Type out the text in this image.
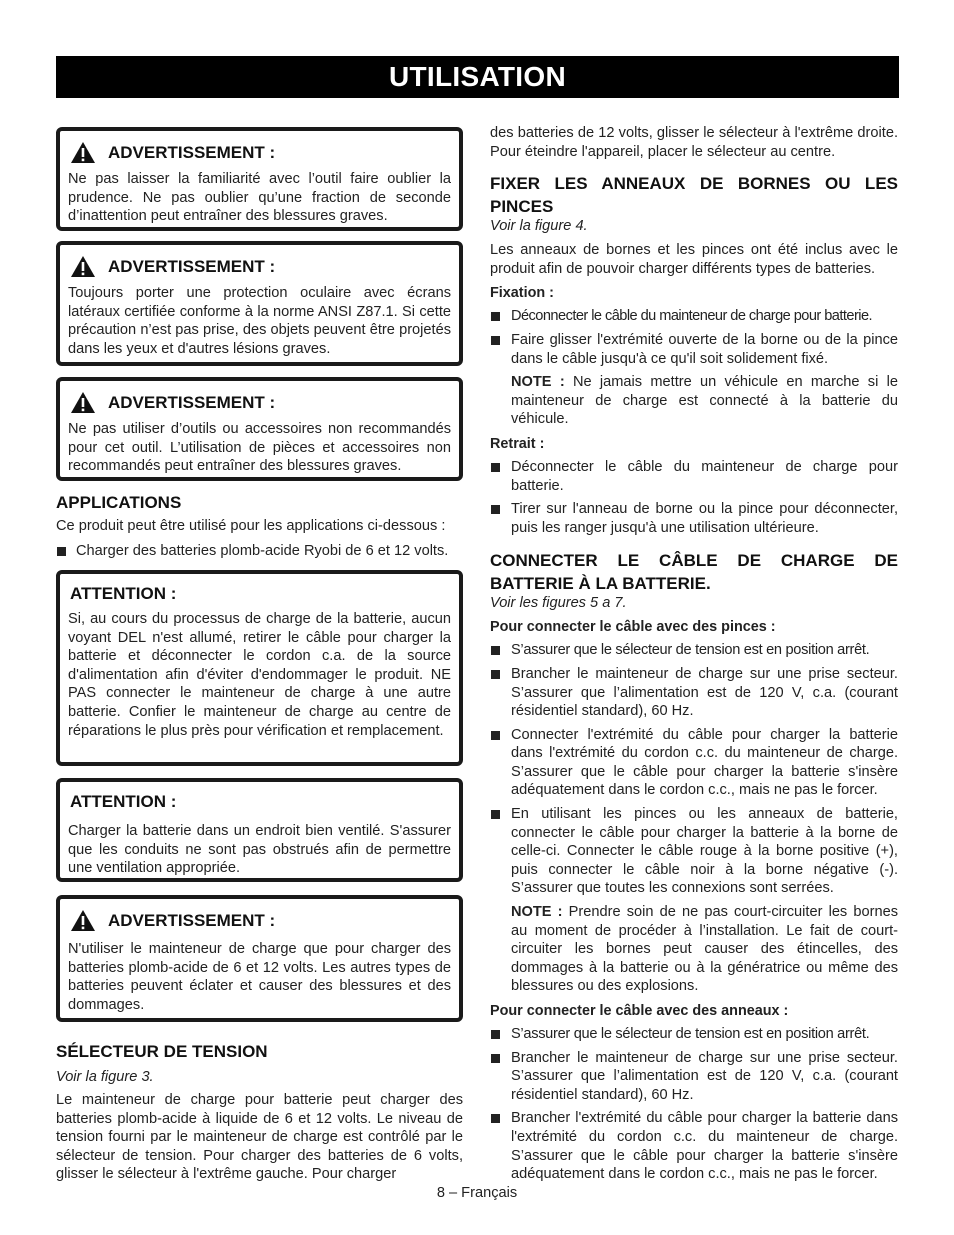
UTILISATION
ADVERTISSEMENT :
Ne pas laisser la familiarité avec l’outil faire oublier la prudence. Ne pas oublier qu’une fraction de seconde d’inattention peut entraîner des blessures graves.
ADVERTISSEMENT :
Toujours porter une protection oculaire avec écrans latéraux certifiée conforme à la norme ANSI Z87.1. Si cette précaution n’est pas prise, des objets peuvent être projetés dans les yeux et d'autres lésions graves.
ADVERTISSEMENT :
Ne pas utiliser d’outils ou accessoires non recommandés pour cet outil. L’utilisation de pièces et accessoires non recommandés peut entraîner des blessures graves.
APPLICATIONS
Ce produit peut être utilisé pour les applications ci-dessous :
Charger des batteries plomb-acide Ryobi de 6 et 12 volts.
ATTENTION :
Si, au cours du processus de charge de la batterie, aucun voyant DEL n'est allumé, retirer le câble pour charger la batterie et déconnecter le cordon c.a. de la source d'alimentation afin d'éviter d'endommager le produit. NE PAS connecter le mainteneur de charge à une autre batterie. Confier le mainteneur de charge au centre de réparations le plus près pour vérification et remplacement.
ATTENTION :
Charger la batterie dans un endroit bien ventilé. S'assurer que les conduits ne sont pas obstrués afin de permettre une ventilation appropriée.
ADVERTISSEMENT :
N'utiliser le mainteneur de charge que pour charger des batteries plomb-acide de 6 et 12 volts. Les autres types de batteries peuvent éclater et causer des blessures et des dommages.
SÉLECTEUR DE TENSION
Voir la figure 3.
Le mainteneur de charge pour batterie peut charger des batteries plomb-acide à liquide de 6 et 12 volts. Le niveau de tension fourni par le mainteneur de charge est contrôlé par le sélecteur de tension. Pour charger des batteries de 6 volts, glisser le sélecteur à l'extrême gauche. Pour charger
des batteries de 12 volts, glisser le sélecteur à l'extrême droite. Pour éteindre l'appareil, placer le sélecteur au centre.
FIXER LES ANNEAUX DE BORNES OU LES
PINCES
Voir la figure 4.
Les anneaux de bornes et les pinces ont été inclus avec le produit afin de pouvoir charger différents types de batteries.
Fixation :
Déconnecter le câble du mainteneur de charge pour batterie.
Faire glisser l'extrémité ouverte de la borne ou de la pince dans le câble jusqu'à ce qu'il soit solidement fixé.
NOTE : Ne jamais mettre un véhicule en marche si le mainteneur de charge est connecté à la batterie du véhicule.
Retrait :
Déconnecter le câble du mainteneur de charge pour batterie.
Tirer sur l'anneau de borne ou la pince pour déconnecter, puis les ranger jusqu'à une utilisation ultérieure.
CONNECTER LE CÂBLE DE CHARGE DE
BATTERIE À LA BATTERIE.
Voir les figures 5 a 7.
Pour connecter le câble avec des pinces :
S’assurer que le sélecteur de tension est en position arrêt.
Brancher le mainteneur de charge sur une prise secteur. S’assurer que l’alimentation est de 120 V, c.a. (courant résidentiel standard), 60 Hz.
Connecter l'extrémité du câble pour charger la batterie dans l'extrémité du cordon c.c. du mainteneur de charge. S’assurer que le câble pour charger la batterie s'insère adéquatement dans le cordon c.c., mais ne pas le forcer.
En utilisant les pinces ou les anneaux de batterie, connecter le câble pour charger la batterie à la borne de celle-ci. Connecter le câble rouge à la borne positive (+), puis connecter le câble noir à la borne négative (-). S’assurer que toutes les connexions sont serrées.
NOTE : Prendre soin de ne pas court-circuiter les bornes au moment de procéder à l’installation. Le fait de court-circuiter les bornes peut causer des étincelles, des dommages à la batterie ou à la génératrice ou même des blessures ou des explosions.
Pour connecter le câble avec des anneaux :
S’assurer que le sélecteur de tension est en position arrêt.
Brancher le mainteneur de charge sur une prise secteur. S’assurer que l’alimentation est de 120 V, c.a. (courant résidentiel standard), 60 Hz.
Brancher l'extrémité du câble pour charger la batterie dans l'extrémité du cordon c.c. du mainteneur de charge. S’assurer que le câble pour charger la batterie s'insère adéquatement dans le cordon c.c., mais ne pas le forcer.
8 – Français
